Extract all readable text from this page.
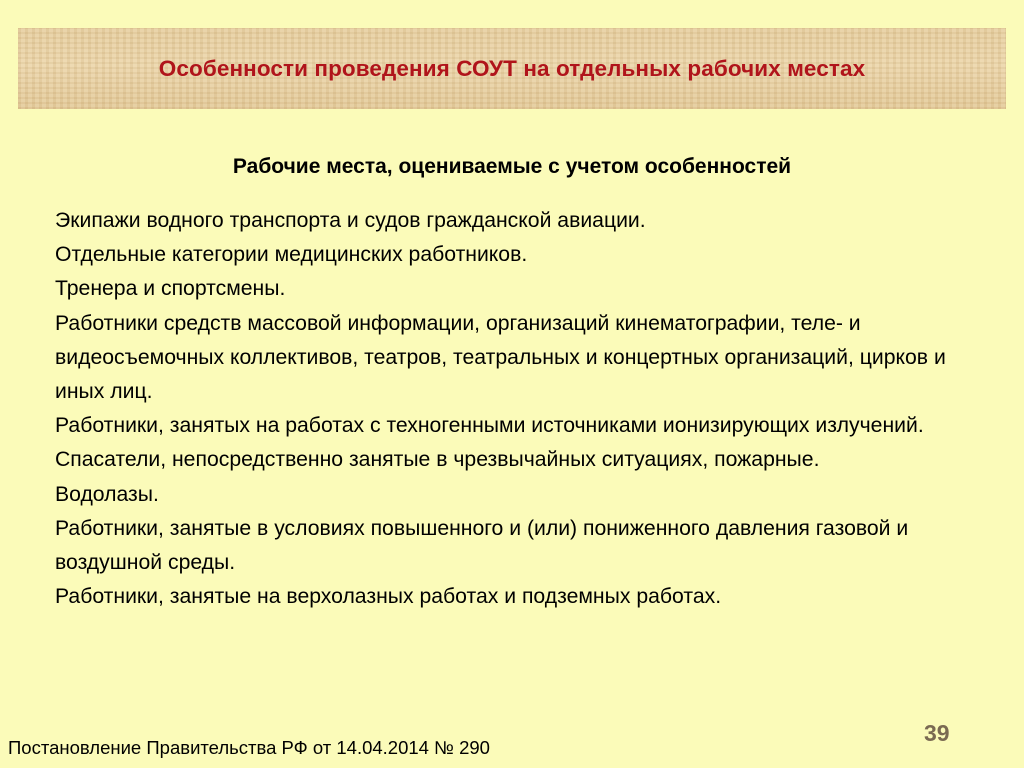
Особенности проведения СОУТ на отдельных рабочих местах

Рабочие места, оцениваемые с учетом особенностей

Экипажи водного транспорта и судов гражданской авиации.
Отдельные категории медицинских работников.
Тренера и спортсмены.
Работники средств массовой информации, организаций кинематографии, теле- и видеосъемочных коллективов, театров, театральных и концертных организаций, цирков и иных лиц.
Работники, занятых на работах с техногенными источниками ионизирующих излучений.
Спасатели, непосредственно занятые в чрезвычайных ситуациях, пожарные.
Водолазы.
Работники, занятые в условиях повышенного и (или) пониженного давления газовой и воздушной среды.
Работники, занятые на верхолазных работах и подземных работах.
39
Постановление Правительства РФ от 14.04.2014 № 290
